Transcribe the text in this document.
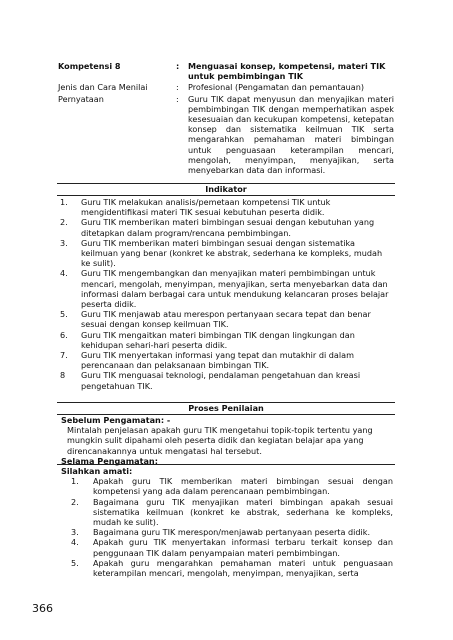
Kompetensi 8	:	Menguasai konsep, kompetensi, materi TIK untuk pembimbingan TIK
Jenis dan Cara Menilai	:	Profesional (Pengamatan dan pemantauan)
Pernyataan	:	Guru TIK dapat menyusun dan menyajikan materi pembimbingan TIK dengan memperhatikan aspek kesesuaian dan kecukupan kompetensi, ketepatan konsep dan sistematika keilmuan TIK serta mengarahkan pemahaman materi bimbingan untuk penguasaan keterampilan mencari, mengolah, menyimpan, menyajikan, serta menyebarkan data dan informasi.
Indikator
1.	Guru TIK melakukan analisis/pemetaan kompetensi TIK untuk mengidentifikasi materi TIK sesuai kebutuhan peserta didik.
2.	Guru TIK memberikan materi bimbingan sesuai dengan kebutuhan yang ditetapkan dalam program/rencana pembimbingan.
3.	Guru TIK memberikan materi bimbingan sesuai dengan sistematika keilmuan yang benar (konkret ke abstrak, sederhana ke kompleks, mudah ke sulit).
4.	Guru TIK mengembangkan dan menyajikan materi pembimbingan untuk mencari, mengolah, menyimpan, menyajikan, serta menyebarkan data dan informasi dalam berbagai cara untuk mendukung kelancaran proses belajar peserta didik.
5.	Guru TIK menjawab atau merespon pertanyaan secara tepat dan benar sesuai dengan konsep keilmuan TIK.
6.	Guru TIK mengaitkan materi bimbingan TIK dengan lingkungan dan kehidupan sehari-hari peserta didik.
7.	Guru TIK menyertakan informasi yang tepat dan mutakhir di dalam perencanaan dan pelaksanaan bimbingan TIK.
8	Guru TIK menguasai teknologi, pendalaman pengetahuan dan kreasi pengetahuan TIK.
Proses Penilaian
Sebelum Pengamatan: -
Mintalah penjelasan apakah guru TIK mengetahui topik-topik tertentu yang mungkin sulit dipahami oleh peserta didik dan kegiatan belajar apa yang direncanakannya untuk mengatasi hal tersebut.
Selama Pengamatan:
Silahkan amati:
1.	Apakah guru TIK memberikan materi bimbingan sesuai dengan kompetensi yang ada dalam perencanaan pembimbingan.
2.	Bagaimana guru TIK menyajikan materi bimbingan apakah sesuai sistematika keilmuan (konkret ke abstrak, sederhana ke kompleks, mudah ke sulit).
3.	Bagaimana guru TIK merespon/menjawab pertanyaan peserta didik.
4.	Apakah guru TIK menyertakan informasi terbaru terkait konsep dan penggunaan TIK dalam penyampaian materi pembimbingan.
5.	Apakah guru mengarahkan pemahaman materi untuk penguasaan keterampilan mencari, mengolah, menyimpan, menyajikan, serta
366
